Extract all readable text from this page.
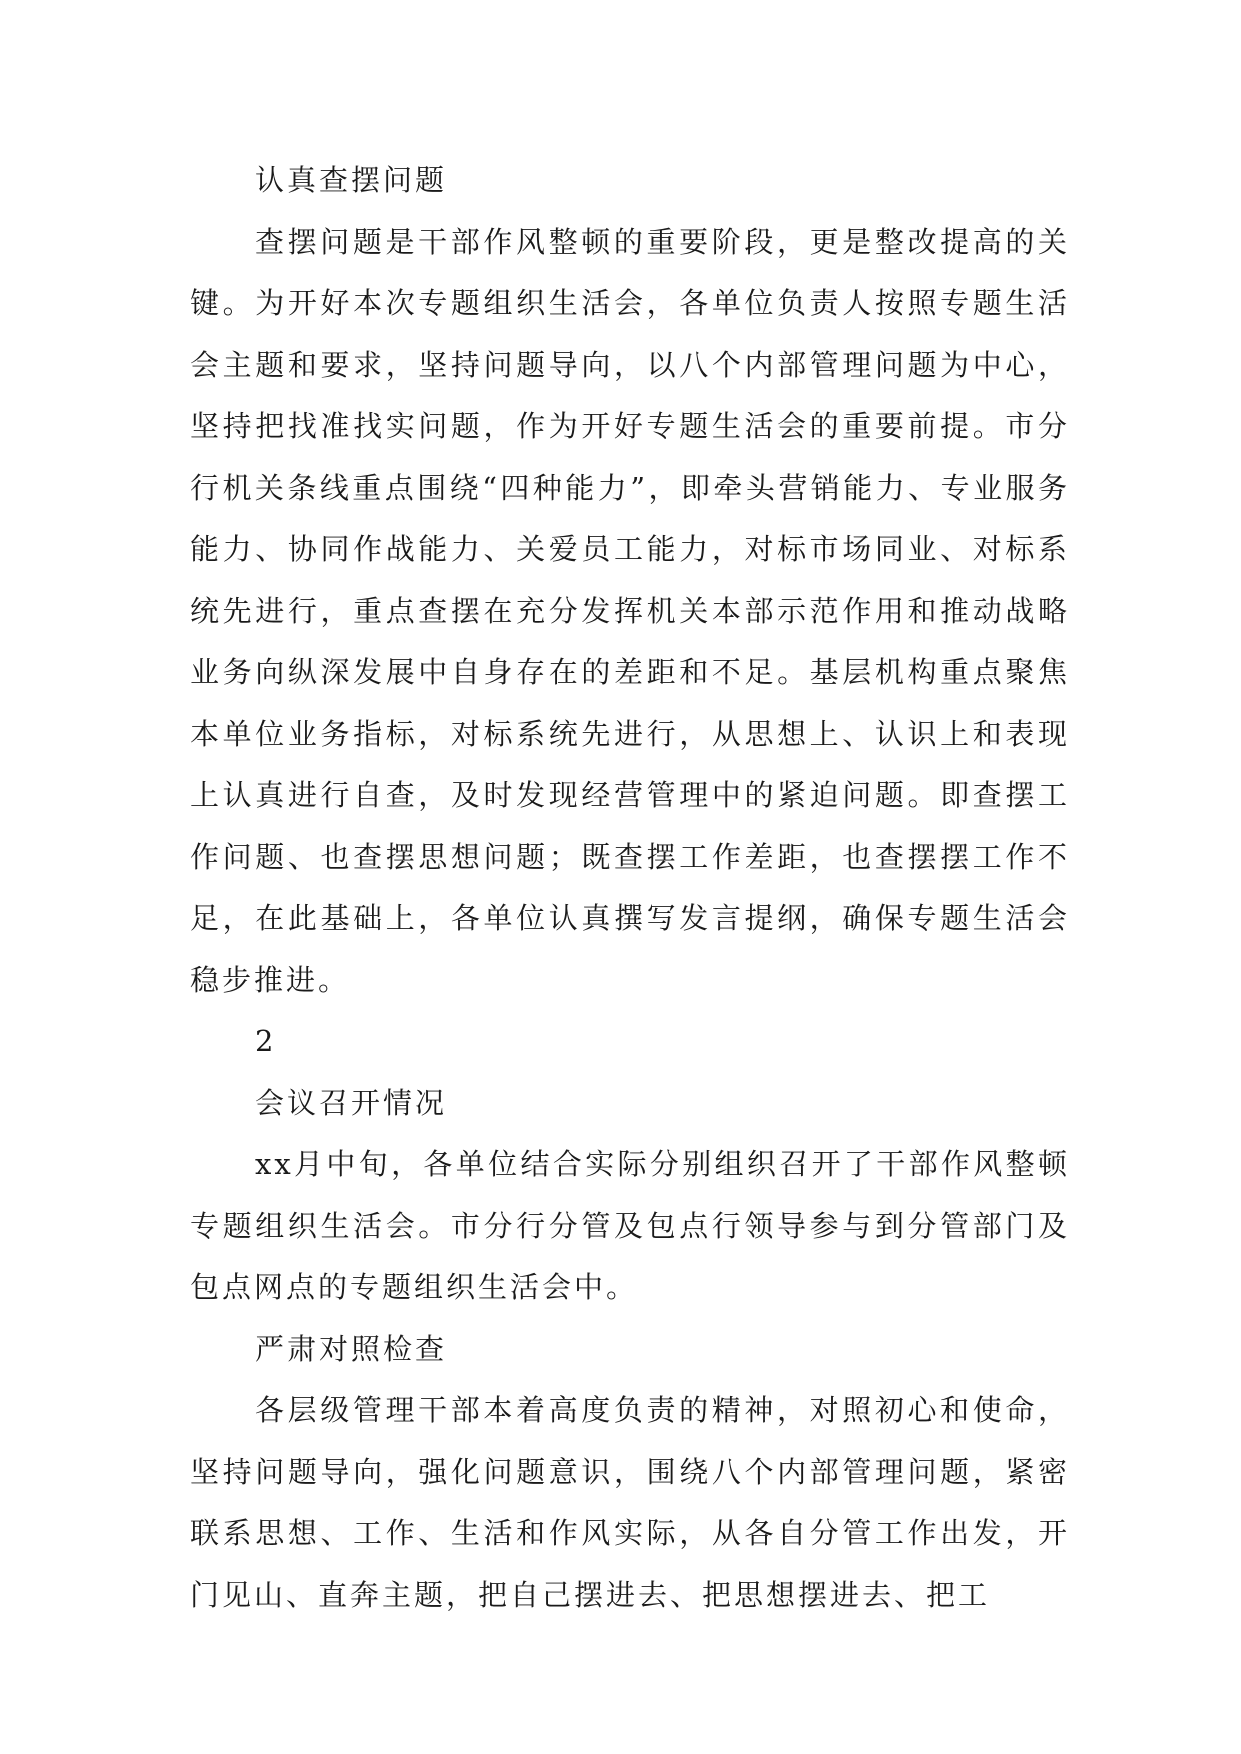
认真查摆问题

查摆问题是干部作风整顿的重要阶段，更是整改提高的关键。为开好本次专题组织生活会，各单位负责人按照专题生活会主题和要求，坚持问题导向，以八个内部管理问题为中心，坚持把找准找实问题，作为开好专题生活会的重要前提。市分行机关条线重点围绕“四种能力”，即牵头营销能力、专业服务能力、协同作战能力、关爱员工能力，对标市场同业、对标系统先进行，重点查摆在充分发挥机关本部示范作用和推动战略业务向纵深发展中自身存在的差距和不足。基层机构重点聚焦本单位业务指标，对标系统先进行，从思想上、认识上和表现上认真进行自查，及时发现经营管理中的紧迫问题。即查摆工作问题、也查摆思想问题；既查摆工作差距，也查摆摆工作不足，在此基础上，各单位认真撰写发言提纲，确保专题生活会稳步推进。

2

会议召开情况

xx月中旬，各单位结合实际分别组织召开了干部作风整顿专题组织生活会。市分行分管及包点行领导参与到分管部门及包点网点的专题组织生活会中。

严肃对照检查

各层级管理干部本着高度负责的精神，对照初心和使命，坚持问题导向，强化问题意识，围绕八个内部管理问题，紧密联系思想、工作、生活和作风实际，从各自分管工作出发，开门见山、直奔主题，把自己摆进去、把思想摆进去、把工
